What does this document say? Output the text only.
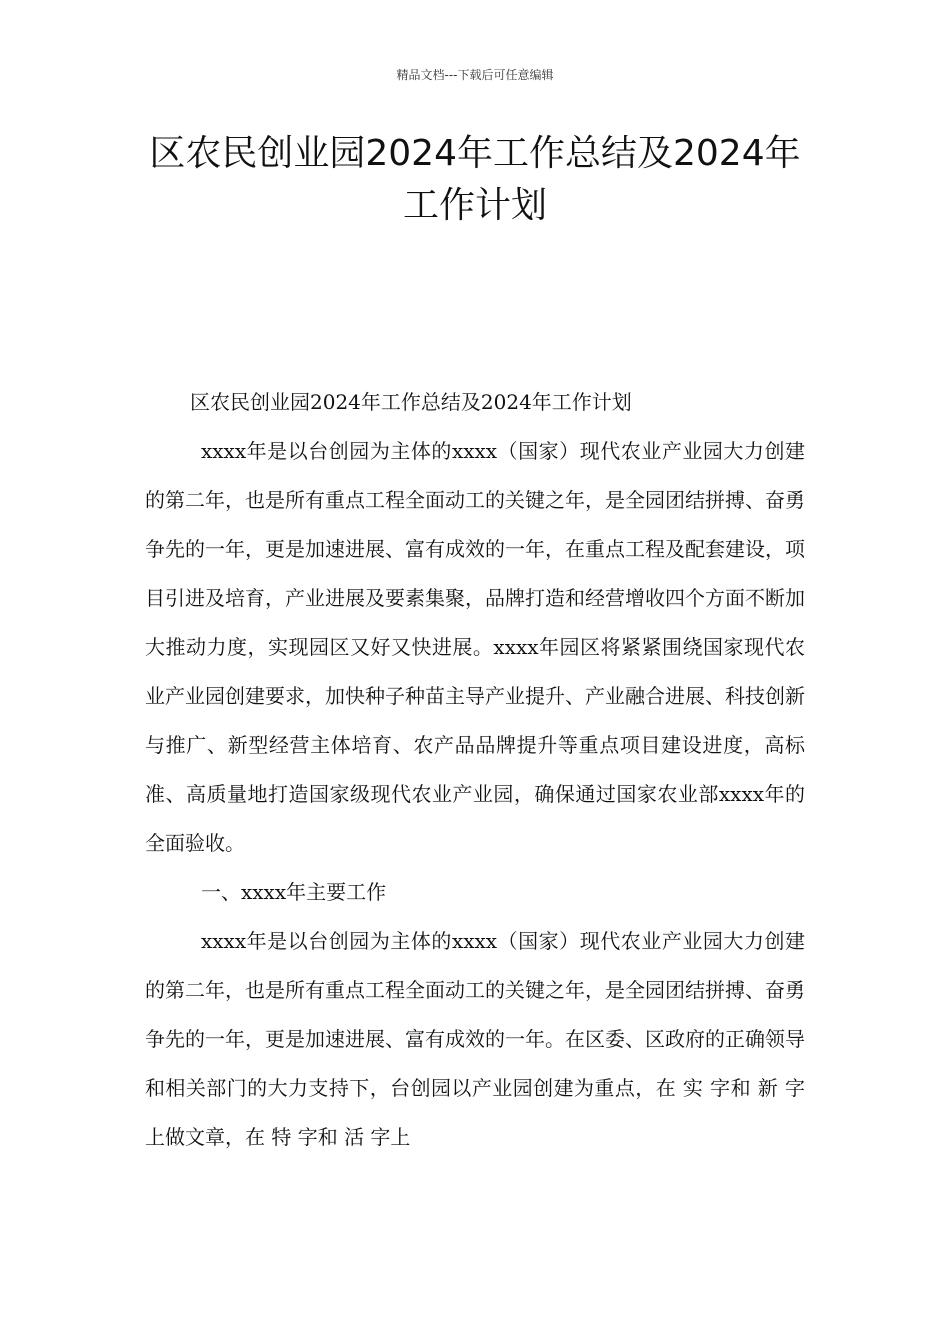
精品文档---下载后可任意编辑
区农民创业园2024年工作总结及2024年工作计划

区农民创业园2024年工作总结及2024年工作计划

xxxx年是以台创园为主体的xxxx（国家）现代农业产业园大力创建的第二年，也是所有重点工程全面动工的关键之年，是全园团结拼搏、奋勇争先的一年，更是加速进展、富有成效的一年，在重点工程及配套建设，项目引进及培育，产业进展及要素集聚，品牌打造和经营增收四个方面不断加大推动力度，实现园区又好又快进展。xxxx年园区将紧紧围绕国家现代农业产业园创建要求，加快种子种苗主导产业提升、产业融合进展、科技创新与推广、新型经营主体培育、农产品品牌提升等重点项目建设进度，高标准、高质量地打造国家级现代农业产业园，确保通过国家农业部xxxx年的全面验收。

一、xxxx年主要工作

xxxx年是以台创园为主体的xxxx（国家）现代农业产业园大力创建的第二年，也是所有重点工程全面动工的关键之年，是全园团结拼搏、奋勇争先的一年，更是加速进展、富有成效的一年。在区委、区政府的正确领导和相关部门的大力支持下，台创园以产业园创建为重点，在 实 字和 新 字上做文章，在 特 字和 活 字上
